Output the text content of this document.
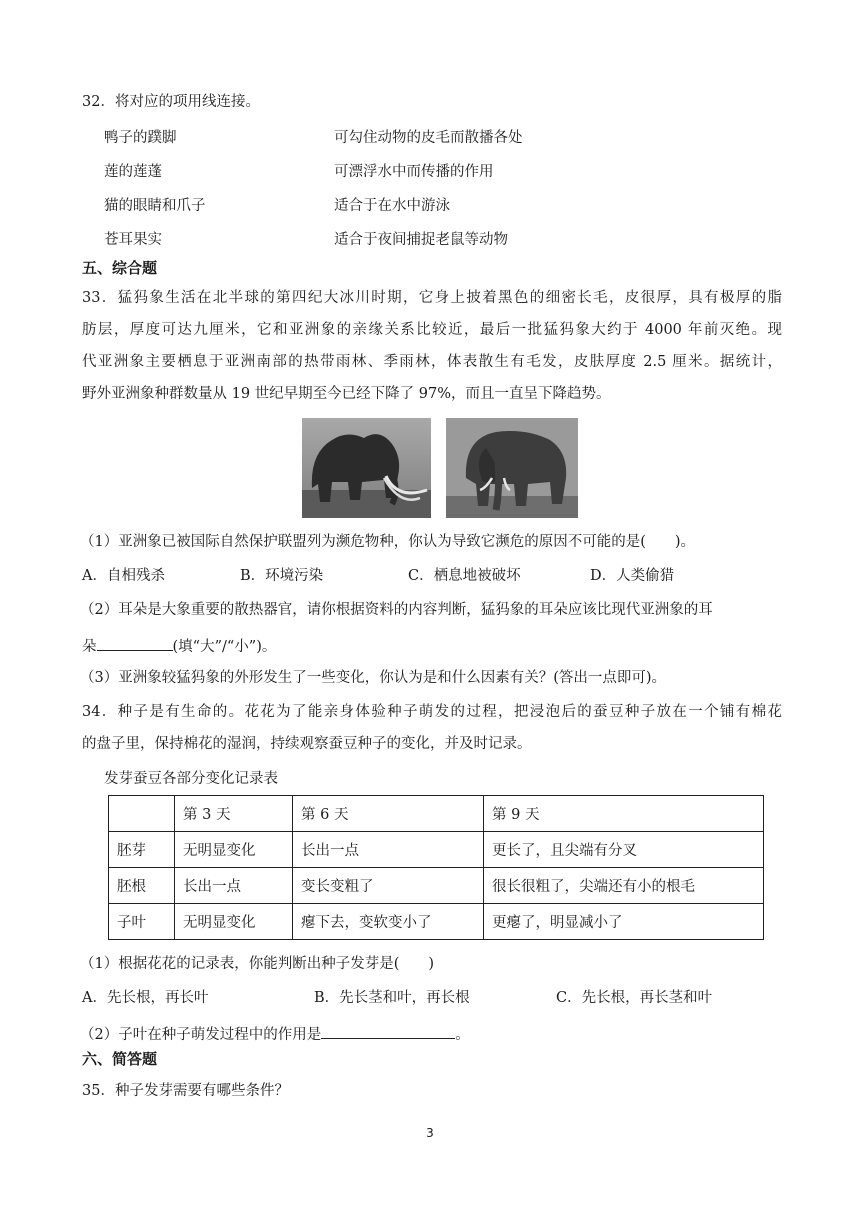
32．将对应的项用线连接。
鸭子的蹼脚	可勾住动物的皮毛而散播各处
莲的莲蓬	可漂浮水中而传播的作用
猫的眼睛和爪子	适合于在水中游泳
苍耳果实	适合于夜间捕捉老鼠等动物
五、综合题
33．猛犸象生活在北半球的第四纪大冰川时期，它身上披着黑色的细密长毛，皮很厚，具有极厚的脂
肪层，厚度可达九厘米，它和亚洲象的亲缘关系比较近，最后一批猛犸象大约于 4000 年前灭绝。现
代亚洲象主要栖息于亚洲南部的热带雨林、季雨林，体表散生有毛发，皮肤厚度 2.5 厘米。据统计，
野外亚洲象种群数量从 19 世纪早期至今已经下降了 97%，而且一直呈下降趋势。
（1）亚洲象已被国际自然保护联盟列为濒危物种，你认为导致它濒危的原因不可能的是(　　)。
A．自相残杀	B．环境污染	C．栖息地被破坏	D．人类偷猎
（2）耳朵是大象重要的散热器官，请你根据资料的内容判断，猛犸象的耳朵应该比现代亚洲象的耳
朵	(填“大”/“小”)。
（3）亚洲象较猛犸象的外形发生了一些变化，你认为是和什么因素有关？(答出一点即可)。
34．种子是有生命的。花花为了能亲身体验种子萌发的过程，把浸泡后的蚕豆种子放在一个铺有棉花
的盘子里，保持棉花的湿润，持续观察蚕豆种子的变化，并及时记录。
发芽蚕豆各部分变化记录表
	第 3 天	第 6 天	第 9 天
胚芽	无明显变化	长出一点	更长了，且尖端有分叉
胚根	长出一点	变长变粗了	很长很粗了，尖端还有小的根毛
子叶	无明显变化	瘪下去，变软变小了	更瘪了，明显减小了
（1）根据花花的记录表，你能判断出种子发芽是(　　)
A．先长根，再长叶	B．先长茎和叶，再长根	C．先长根，再长茎和叶
（2）子叶在种子萌发过程中的作用是	。
六、简答题
35．种子发芽需要有哪些条件？
3
